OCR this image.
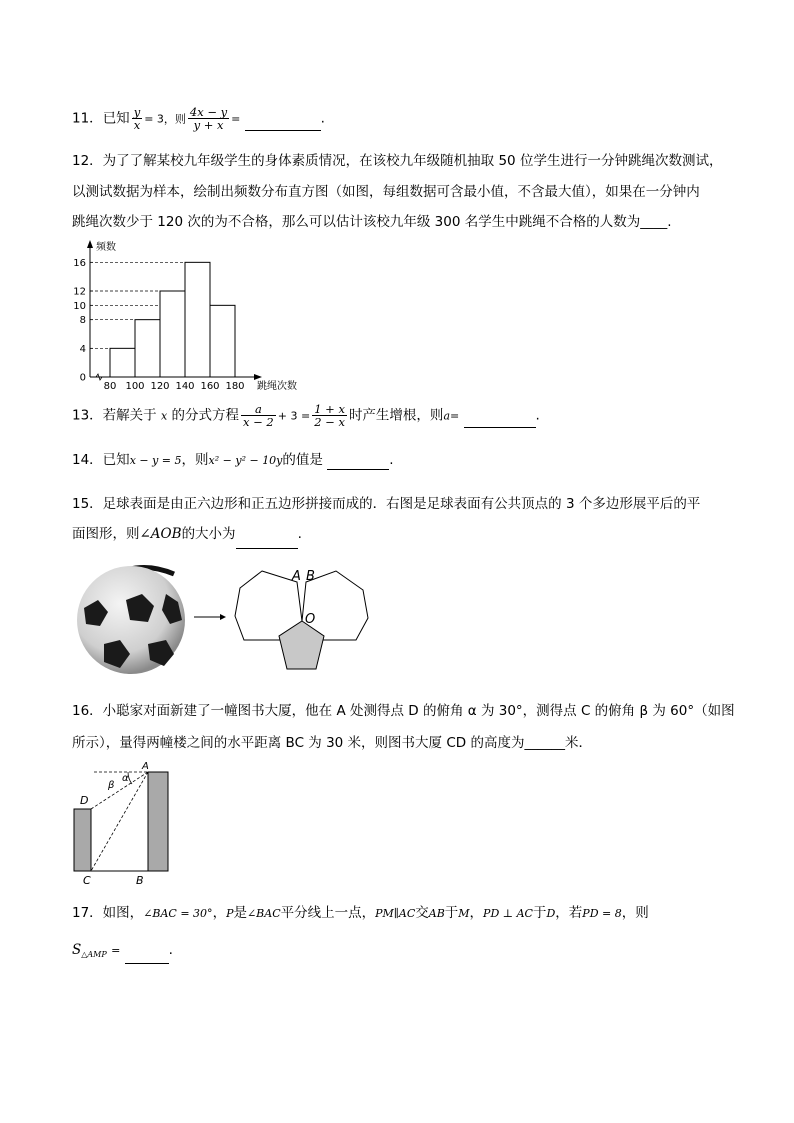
11．已知 $\frac{y}{x} = 3$，则 $\frac{4x - y}{y + x}$ =	.
12．为了了解某校九年级学生的身体素质情况，在该校九年级随机抽取 50 位学生进行一分钟跳绳次数测试，
以测试数据为样本，绘制出频数分布直方图（如图，每组数据可含最小值，不含最大值），如果在一分钟内
跳绳次数少于 120 次的为不合格，那么可以估计该校九年级 300 名学生中跳绳不合格的人数为____.
0
4
8
10
12
16
80 100 120 140 160 180
频数
跳绳次数
13．若解关于 x 的分式方程 $\frac{a}{x - 2} + 3 = \frac{1 + x}{2 - x}$ 时产生增根，则a=	.
14．已知x − y = 5，则x² − y² − 10y的值是	.
15．足球表面是由正六边形和正五边形拼接而成的．右图是足球表面有公共顶点的 3 个多边形展平后的平
面图形，则∠AOB的大小为	.
A B
O
16．小聪家对面新建了一幢图书大厦，他在 A 处测得点 D 的俯角 α 为 30°，测得点 C 的俯角 β 为 60°（如图
所示），量得两幢楼之间的水平距离 BC 为 30 米，则图书大厦 CD 的高度为______米．
A
α
β
D
C	B
17．如图，∠BAC = 30°，P是∠BAC平分线上一点，PM∥AC交AB于M，PD ⊥ AC于D，若PD = 8，则
$S_{\triangle AMP}$ =	.
